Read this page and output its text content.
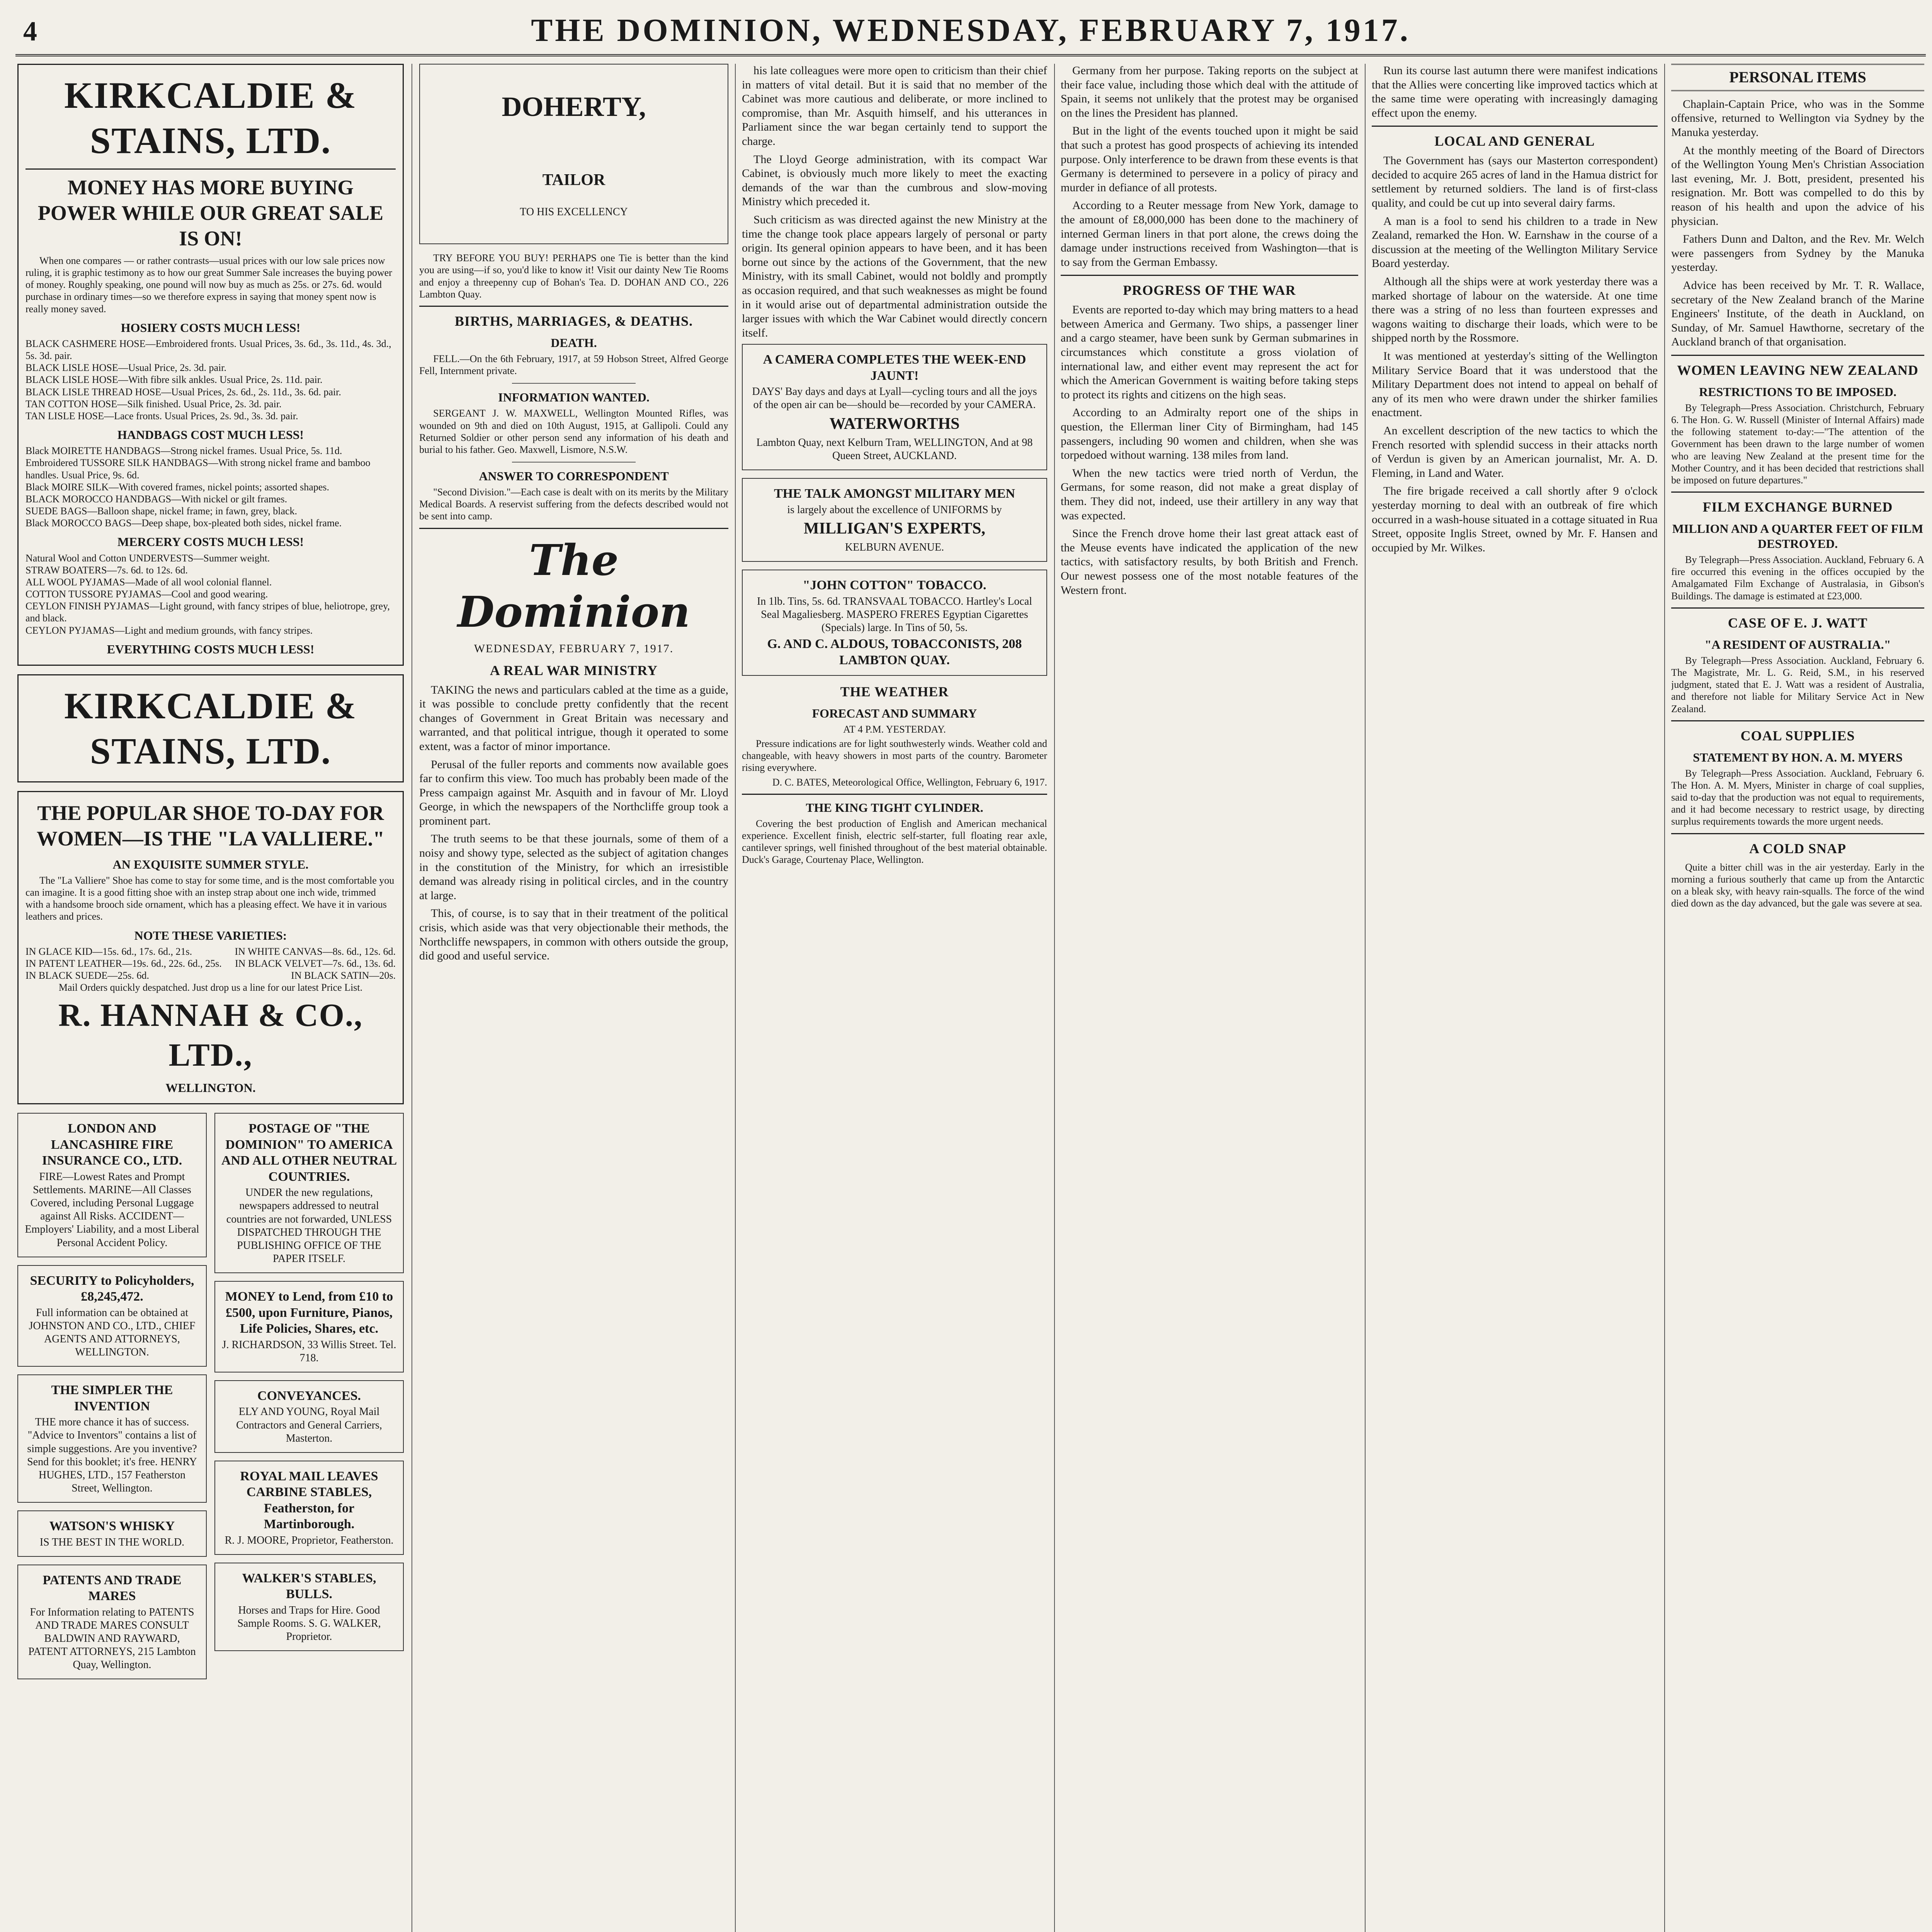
4	THE DOMINION, WEDNESDAY, FEBRUARY 7, 1917.
KIRKCALDIE & STAINS, LTD.
MONEY HAS MORE BUYING POWER WHILE OUR GREAT SALE IS ON!
When one compares — or rather contrasts—usual prices with our low sale prices now ruling, it is graphic testimony as to how our great Summer Sale increases the buying power of money. Roughly speaking, one pound will now buy as much as 25s. or 27s. 6d. would purchase in ordinary times—so we therefore express in saying that money spent now is really money saved.
HOSIERY COSTS MUCH LESS!
BLACK CASHMERE HOSE—Embroidered fronts. Usual Prices, 3s. 6d., 3s. 11d., 4s. 3d., 5s. 3d. pair.
BLACK LISLE HOSE—Usual Price, 2s. 3d. pair.
BLACK LISLE HOSE—With fibre silk ankles. Usual Price, 2s. 11d. pair.
BLACK LISLE THREAD HOSE—Usual Prices, 2s. 6d., 2s. 11d., 3s. 6d. pair.
TAN COTTON HOSE—Silk finished. Usual Price, 2s. 3d. pair.
TAN LISLE HOSE—Lace fronts. Usual Prices, 2s. 9d., 3s. 3d. pair.
HANDBAGS COST MUCH LESS!
Black MOIRETTE HANDBAGS—Strong nickel frames. Usual Price, 5s. 11d.
Embroidered TUSSORE SILK HANDBAGS—With strong nickel frame and bamboo handles. Usual Price, 9s. 6d.
Black MOIRE SILK—With covered frames, nickel points; assorted shapes.
BLACK MOROCCO HANDBAGS—With nickel or gilt frames.
SUEDE BAGS—Balloon shape, nickel frame; in fawn, grey, black.
Black MOROCCO BAGS—Deep shape, box-pleated both sides, nickel frame.
MERCERY COSTS MUCH LESS!
Natural Wool and Cotton UNDERVESTS—Summer weight.
STRAW BOATERS—7s. 6d. to 12s. 6d.
ALL WOOL PYJAMAS—Made of all wool colonial flannel.
COTTON TUSSORE PYJAMAS—Cool and good wearing.
CEYLON FINISH PYJAMAS—Light ground, with fancy stripes of blue, heliotrope, grey, and black.
CEYLON PYJAMAS—Light and medium grounds, with fancy stripes.
EVERYTHING COSTS MUCH LESS!
KIRKCALDIE & STAINS, LTD.
THE POPULAR SHOE TO-DAY FOR WOMEN—IS THE "LA VALLIERE."
AN EXQUISITE SUMMER STYLE.
The "La Valliere" Shoe has come to stay for some time, and is the most comfortable you can imagine. It is a good fitting shoe with an instep strap about one inch wide, trimmed with a handsome brooch side ornament, which has a pleasing effect. We have it in various leathers and prices.
NOTE THESE VARIETIES:
IN GLACE KID—15s. 6d., 17s. 6d., 21s.	IN WHITE CANVAS—8s. 6d., 12s. 6d.
IN PATENT LEATHER—19s. 6d., 22s. 6d., 25s. IN BLACK VELVET—7s. 6d., 13s. 6d.
IN BLACK SUEDE—25s. 6d.	IN BLACK SATIN—20s.
Mail Orders quickly despatched. Just drop us a line for our latest Price List.
R. HANNAH & CO., LTD.,
WELLINGTON.
LONDON AND LANCASHIRE FIRE INSURANCE CO., LTD.
FIRE—Lowest Rates and Prompt Settlements. MARINE—All Classes Covered, including Personal Luggage against All Risks. ACCIDENT—Employers' Liability, and a most Liberal Personal Accident Policy.
SECURITY to Policyholders, £8,245,472.
Full information can be obtained at JOHNSTON AND CO., LTD., CHIEF AGENTS AND ATTORNEYS, WELLINGTON.
THE SIMPLER THE INVENTION
THE more chance it has of success. "Advice to Inventors" contains a list of simple suggestions. Are you inventive? Send for this booklet; it's free. HENRY HUGHES, LTD., 157 Featherston Street, Wellington.
WATSON'S WHISKY
IS THE BEST IN THE WORLD.
PATENTS AND TRADE MARES
For Information relating to PATENTS AND TRADE MARES CONSULT BALDWIN AND RAYWARD, PATENT ATTORNEYS, 215 Lambton Quay, Wellington.
POSTAGE OF "THE DOMINION" TO AMERICA AND ALL OTHER NEUTRAL COUNTRIES.
UNDER the new regulations, newspapers addressed to neutral countries are not forwarded, UNLESS DISPATCHED THROUGH THE PUBLISHING OFFICE OF THE PAPER ITSELF.
MONEY to Lend, from £10 to £500, upon Furniture, Pianos, Life Policies, Shares, etc.
J. RICHARDSON, 33 Willis Street. Tel. 718.
CONVEYANCES.
ELY AND YOUNG, Royal Mail Contractors and General Carriers, Masterton.
ROYAL MAIL LEAVES CARBINE STABLES, Featherston, for Martinborough.
R. J. MOORE, Proprietor, Featherston.
WALKER'S STABLES, BULLS.
Horses and Traps for Hire. Good Sample Rooms. S. G. WALKER, Proprietor.
DOHERTY,
TAILOR
TO HIS EXCELLENCY
TRY BEFORE YOU BUY! PERHAPS one Tie is better than the kind you are using—if so, you'd like to know it! Visit our dainty New Tie Rooms and enjoy a threepenny cup of Bohan's Tea. D. DOHAN AND CO., 226 Lambton Quay.
BIRTHS, MARRIAGES, & DEATHS.
DEATH.
FELL.—On the 6th February, 1917, at 59 Hobson Street, Alfred George Fell, Internment private.
INFORMATION WANTED.
SERGEANT J. W. MAXWELL, Wellington Mounted Rifles, was wounded on 9th and died on 10th August, 1915, at Gallipoli. Could any Returned Soldier or other person send any information of his death and burial to his father. Geo. Maxwell, Lismore, N.S.W.
ANSWER TO CORRESPONDENT
"Second Division."—Each case is dealt with on its merits by the Military Medical Boards. A reservist suffering from the defects described would not be sent into camp.
The Dominion
WEDNESDAY, FEBRUARY 7, 1917.
A REAL WAR MINISTRY

TAKING the news and particulars cabled at the time as a guide, it was possible to conclude pretty confidently that the recent changes of Government in Great Britain was necessary and warranted, and that political intrigue, though it operated to some extent, was a factor of minor importance.

Perusal of the fuller reports and comments now available goes far to confirm this view. Too much has probably been made of the Press campaign against Mr. Asquith and in favour of Mr. Lloyd George, in which the newspapers of the Northcliffe group took a prominent part.

The truth seems to be that these journals, some of them of a noisy and showy type, selected as the subject of agitation changes in the constitution of the Ministry, for which an irresistible demand was already rising in political circles, and in the country at large.

This, of course, is to say that in their treatment of the political crisis, which aside was that very objectionable their methods, the Northcliffe newspapers, in common with others outside the group, did good and useful service.

his late colleagues were more open to criticism than their chief in matters of vital detail. But it is said that no member of the Cabinet was more cautious and deliberate, or more inclined to compromise, than Mr. Asquith himself, and his utterances in Parliament since the war began certainly tend to support the charge.

The Lloyd George administration, with its compact War Cabinet, is obviously much more likely to meet the exacting demands of the war than the cumbrous and slow-moving Ministry which preceded it.

Such criticism as was directed against the new Ministry at the time the change took place appears largely of personal or party origin. Its general opinion appears to have been, and it has been borne out since by the actions of the Government, that the new Ministry, with its small Cabinet, would not boldly and promptly as occasion required, and that such weaknesses as might be found in it would arise out of departmental administration outside the larger issues with which the War Cabinet would directly concern itself.

A CAMERA COMPLETES THE WEEK-END JAUNT!
DAYS' Bay days and days at Lyall—cycling tours and all the joys of the open air can be—should be—recorded by your CAMERA.
WATERWORTHS
Lambton Quay, next Kelburn Tram, WELLINGTON, And at 98 Queen Street, AUCKLAND.
THE TALK AMONGST MILITARY MEN
is largely about the excellence of UNIFORMS by
MILLIGAN'S EXPERTS,
KELBURN AVENUE.
"JOHN COTTON" TOBACCO.
In 1lb. Tins, 5s. 6d. TRANSVAAL TOBACCO. Hartley's Local Seal Magaliesberg. MASPERO FRERES Egyptian Cigarettes (Specials) large. In Tins of 50, 5s.
G. AND C. ALDOUS, TOBACCONISTS, 208 LAMBTON QUAY.
THE WEATHER
FORECAST AND SUMMARY
AT 4 P.M. YESTERDAY.
Pressure indications are for light southwesterly winds. Weather cold and changeable, with heavy showers in most parts of the country. Barometer rising everywhere.
D. C. BATES, Meteorological Office, Wellington, February 6, 1917.
THE KING TIGHT CYLINDER.
Covering the best production of English and American mechanical experience. Excellent finish, electric self-starter, full floating rear axle, cantilever springs, well finished throughout of the best material obtainable. Duck's Garage, Courtenay Place, Wellington.

Germany from her purpose. Taking reports on the subject at their face value, including those which deal with the attitude of Spain, it seems not unlikely that the protest may be organised on the lines the President has planned.

But in the light of the events touched upon it might be said that such a protest has good prospects of achieving its intended purpose. Only interference to be drawn from these events is that Germany is determined to persevere in a policy of piracy and murder in defiance of all protests.

According to a Reuter message from New York, damage to the amount of £8,000,000 has been done to the machinery of interned German liners in that port alone, the crews doing the damage under instructions received from Washington—that is to say from the German Embassy.

PROGRESS OF THE WAR

Events are reported to-day which may bring matters to a head between America and Germany. Two ships, a passenger liner and a cargo steamer, have been sunk by German submarines in circumstances which constitute a gross violation of international law, and either event may represent the act for which the American Government is waiting before taking steps to protect its rights and citizens on the high seas.

According to an Admiralty report one of the ships in question, the Ellerman liner City of Birmingham, had 145 passengers, including 90 women and children, when she was torpedoed without warning. 138 miles from land.

When the new tactics were tried north of Verdun, the Germans, for some reason, did not make a great display of them. They did not, indeed, use their artillery in any way that was expected.

Since the French drove home their last great attack east of the Meuse events have indicated the application of the new tactics, with satisfactory results, by both British and French. Our newest possess one of the most notable features of the Western front.

Run its course last autumn there were manifest indications that the Allies were concerting like improved tactics which at the same time were operating with increasingly damaging effect upon the enemy.

LOCAL AND GENERAL

The Government has (says our Masterton correspondent) decided to acquire 265 acres of land in the Hamua district for settlement by returned soldiers. The land is of first-class quality, and could be cut up into several dairy farms.

A man is a fool to send his children to a trade in New Zealand, remarked the Hon. W. Earnshaw in the course of a discussion at the meeting of the Wellington Military Service Board yesterday.

Although all the ships were at work yesterday there was a marked shortage of labour on the waterside. At one time there was a string of no less than fourteen expresses and wagons waiting to discharge their loads, which were to be shipped north by the Rossmore.

It was mentioned at yesterday's sitting of the Wellington Military Service Board that it was understood that the Military Department does not intend to appeal on behalf of any of its men who were drawn under the shirker families enactment.

An excellent description of the new tactics to which the French resorted with splendid success in their attacks north of Verdun is given by an American journalist, Mr. A. D. Fleming, in Land and Water.

The fire brigade received a call shortly after 9 o'clock yesterday morning to deal with an outbreak of fire which occurred in a wash-house situated in a cottage situated in Rua Street, opposite Inglis Street, owned by Mr. F. Hansen and occupied by Mr. Wilkes.

PERSONAL ITEMS

Chaplain-Captain Price, who was in the Somme offensive, returned to Wellington via Sydney by the Manuka yesterday.

At the monthly meeting of the Board of Directors of the Wellington Young Men's Christian Association last evening, Mr. J. Bott, president, presented his resignation. Mr. Bott was compelled to do this by reason of his health and upon the advice of his physician.

Fathers Dunn and Dalton, and the Rev. Mr. Welch were passengers from Sydney by the Manuka yesterday.

Advice has been received by Mr. T. R. Wallace, secretary of the New Zealand branch of the Marine Engineers' Institute, of the death in Auckland, on Sunday, of Mr. Samuel Hawthorne, secretary of the Auckland branch of that organisation.

WOMEN LEAVING NEW ZEALAND
RESTRICTIONS TO BE IMPOSED.
By Telegraph—Press Association. Christchurch, February 6. The Hon. G. W. Russell (Minister of Internal Affairs) made the following statement to-day:—"The attention of the Government has been drawn to the large number of women who are leaving New Zealand at the present time for the Mother Country, and it has been decided that restrictions shall be imposed on future departures."
FILM EXCHANGE BURNED
MILLION AND A QUARTER FEET OF FILM DESTROYED.
By Telegraph—Press Association. Auckland, February 6. A fire occurred this evening in the offices occupied by the Amalgamated Film Exchange of Australasia, in Gibson's Buildings. The damage is estimated at £23,000.
CASE OF E. J. WATT
"A RESIDENT OF AUSTRALIA."
By Telegraph—Press Association. Auckland, February 6. The Magistrate, Mr. L. G. Reid, S.M., in his reserved judgment, stated that E. J. Watt was a resident of Australia, and therefore not liable for Military Service Act in New Zealand.
COAL SUPPLIES
STATEMENT BY HON. A. M. MYERS
By Telegraph—Press Association. Auckland, February 6. The Hon. A. M. Myers, Minister in charge of coal supplies, said to-day that the production was not equal to requirements, and it had become necessary to restrict usage, by directing surplus requirements towards the more urgent needs.
A COLD SNAP
Quite a bitter chill was in the air yesterday. Early in the morning a furious southerly that came up from the Antarctic on a bleak sky, with heavy rain-squalls. The force of the wind died down as the day advanced, but the gale was severe at sea.
